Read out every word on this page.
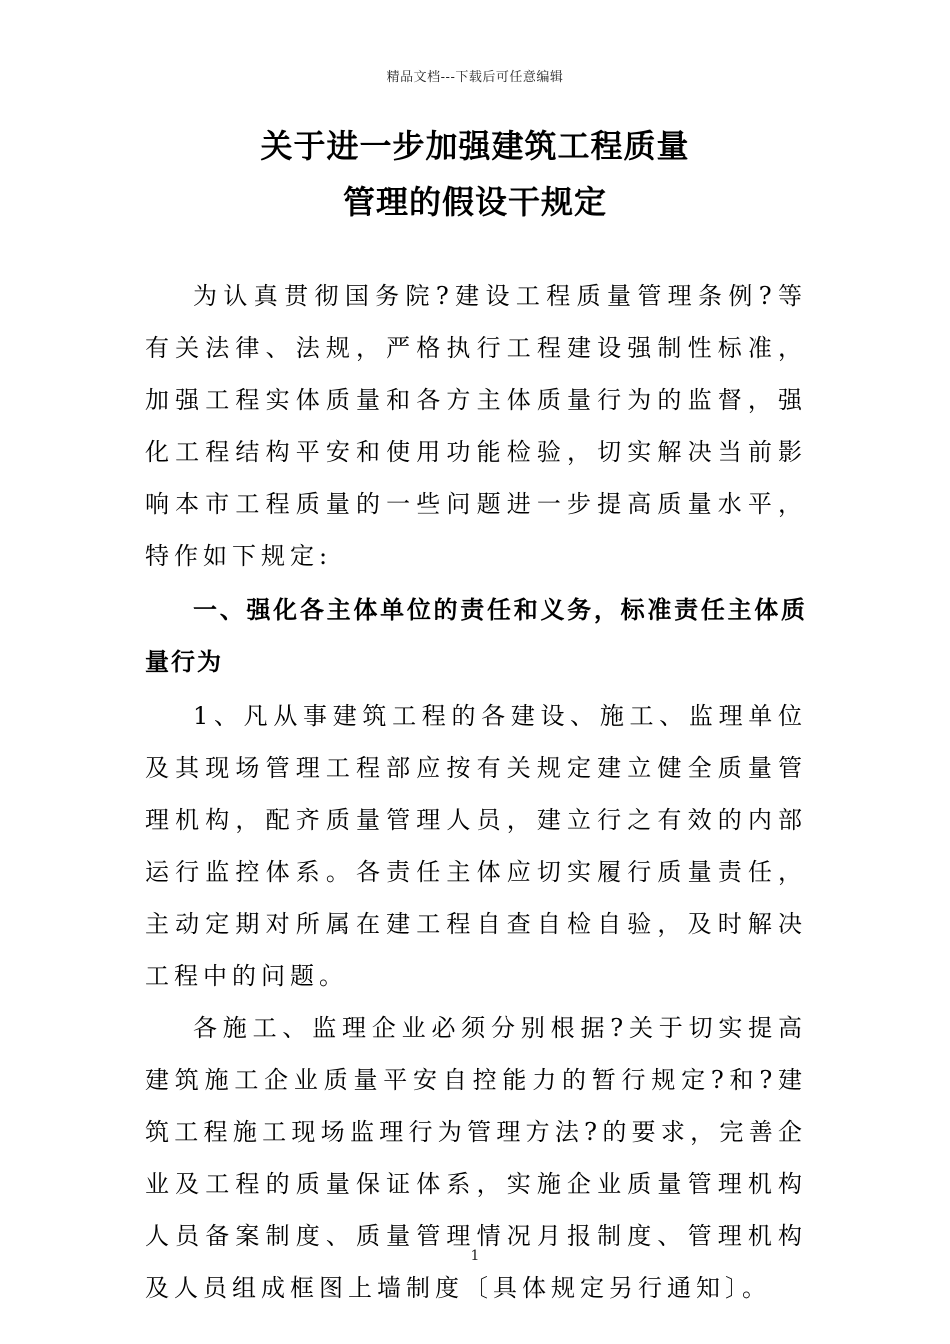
精品文档---下载后可任意编辑
关于进一步加强建筑工程质量
管理的假设干规定

为认真贯彻国务院?建设工程质量管理条例?等有关法律、法规，严格执行工程建设强制性标准，加强工程实体质量和各方主体质量行为的监督，强化工程结构平安和使用功能检验，切实解决当前影响本市工程质量的一些问题进一步提高质量水平，特作如下规定:

一、强化各主体单位的责任和义务，标准责任主体质量行为

1、凡从事建筑工程的各建设、施工、监理单位及其现场管理工程部应按有关规定建立健全质量管理机构，配齐质量管理人员，建立行之有效的内部运行监控体系。各责任主体应切实履行质量责任，主动定期对所属在建工程自查自检自验，及时解决工程中的问题。

各施工、监理企业必须分别根据?关于切实提高建筑施工企业质量平安自控能力的暂行规定?和?建筑工程施工现场监理行为管理方法?的要求，完善企业及工程的质量保证体系，实施企业质量管理机构人员备案制度、质量管理情况月报制度、管理机构及人员组成框图上墙制度〔具体规定另行通知〕。

1
